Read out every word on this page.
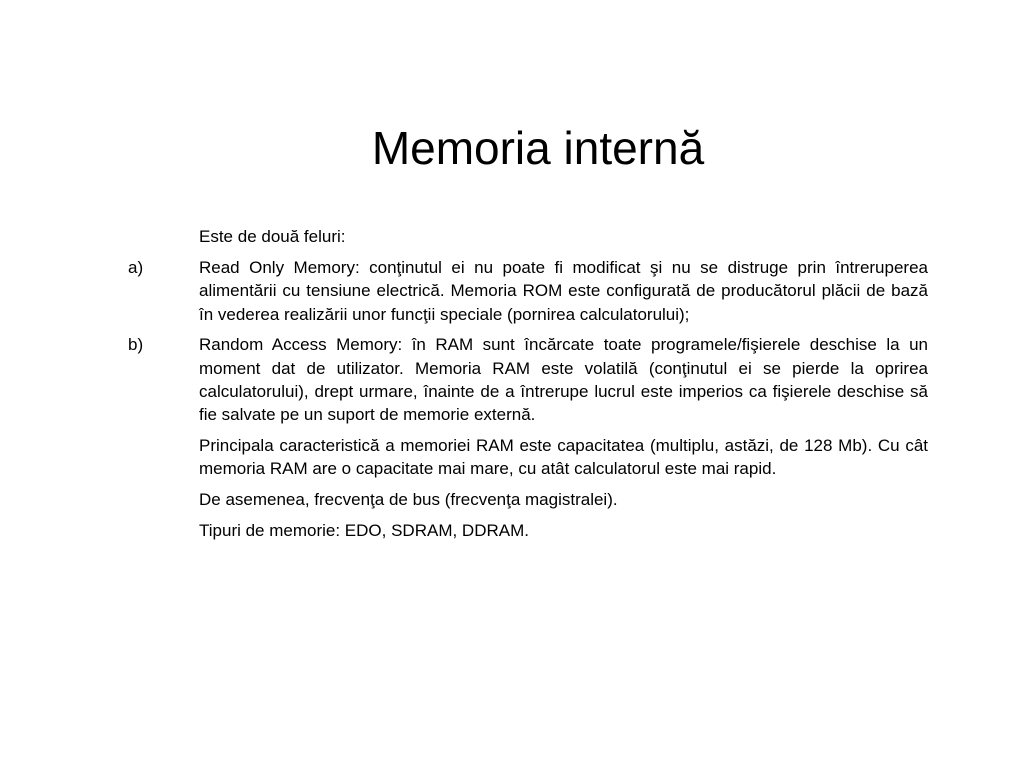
Memoria internă
Este de două feluri:
a)	Read Only Memory: conţinutul ei nu poate fi modificat şi nu se distruge prin întreruperea alimentării cu tensiune electrică. Memoria ROM este configurată de producătorul plăcii de bază în vederea realizării unor funcţii speciale (pornirea calculatorului);
b)	Random Access Memory: în RAM sunt încărcate toate programele/fişierele deschise la un moment dat de utilizator. Memoria RAM este volatilă (conţinutul ei se pierde la oprirea calculatorului), drept urmare, înainte de a întrerupe lucrul este imperios ca fişierele deschise să fie salvate pe un suport de memorie externă.
Principala caracteristică a memoriei RAM este capacitatea (multiplu, astăzi, de 128 Mb). Cu cât memoria RAM are o capacitate mai mare, cu atât calculatorul este mai rapid.
De asemenea, frecvenţa de bus (frecvenţa magistralei).
Tipuri de memorie: EDO, SDRAM, DDRAM.
